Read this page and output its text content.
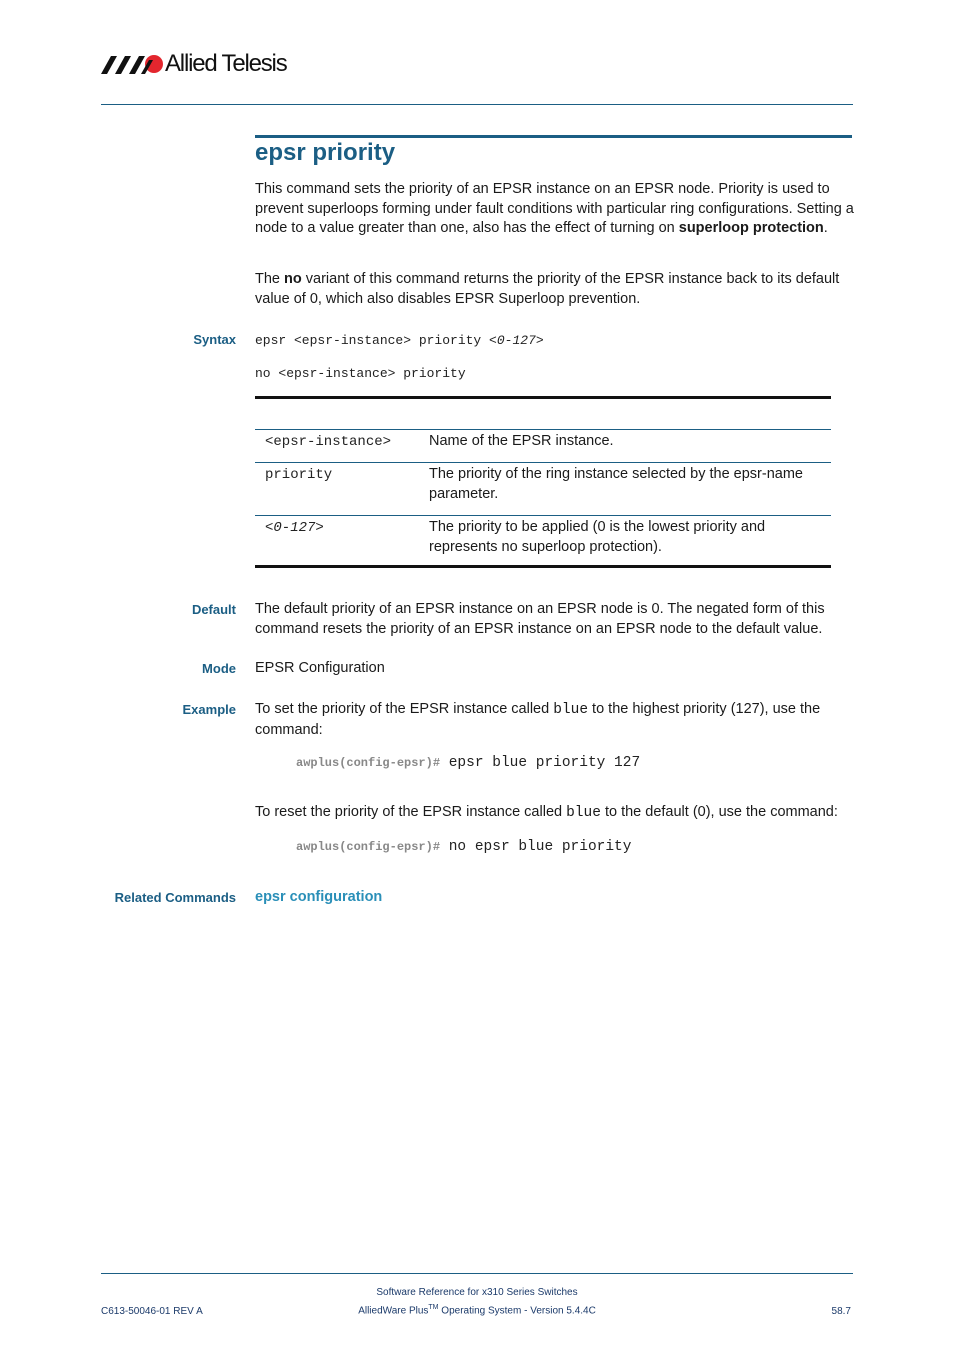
Allied Telesis
epsr priority

This command sets the priority of an EPSR instance on an EPSR node. Priority is used to prevent superloops forming under fault conditions with particular ring configurations. Setting a node to a value greater than one, also has the effect of turning on superloop protection.

The no variant of this command returns the priority of the EPSR instance back to its default value of 0, which also disables EPSR Superloop prevention.

Syntax epsr <epsr-instance> priority <0-127>
no <epsr-instance> priority
<epsr-instance>	Name of the EPSR instance.
priority	The priority of the ring instance selected by the epsr-name parameter.
<0-127>	The priority to be applied (0 is the lowest priority and represents no superloop protection).
Default The default priority of an EPSR instance on an EPSR node is 0. The negated form of this command resets the priority of an EPSR instance on an EPSR node to the default value.

Mode EPSR Configuration

Example To set the priority of the EPSR instance called blue to the highest priority (127), use the command:

awplus(config-epsr)# epsr blue priority 127

To reset the priority of the EPSR instance called blue to the default (0), use the command:

awplus(config-epsr)# no epsr blue priority
Related Commands epsr configuration
C613-50046-01 REV A
Software Reference for x310 Series Switches
AlliedWare Plus™ Operating System - Version 5.4.4C	58.7
